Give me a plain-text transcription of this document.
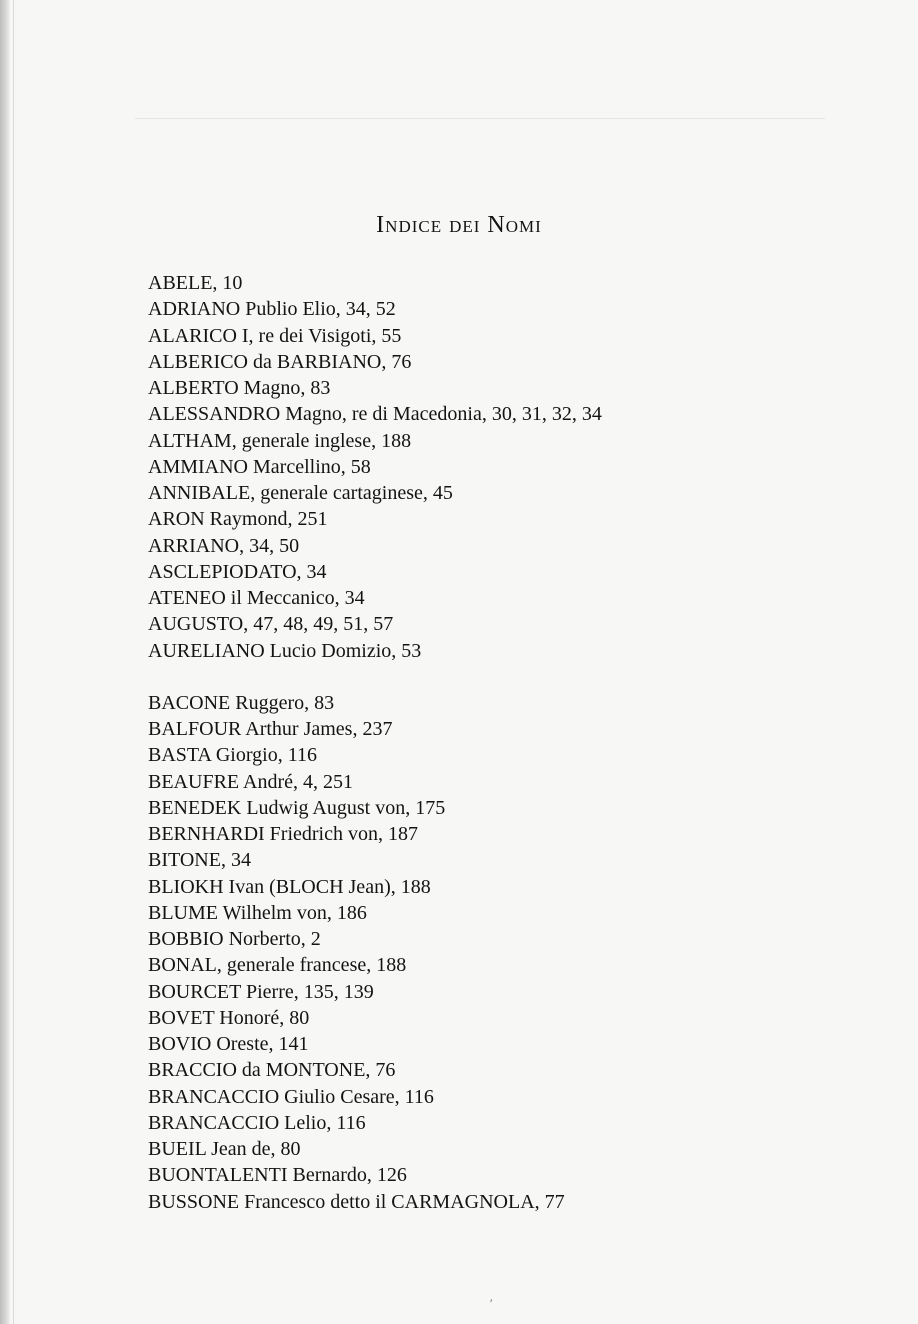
Indice dei Nomi
ABELE, 10
ADRIANO Publio Elio, 34, 52
ALARICO I, re dei Visigoti, 55
ALBERICO da BARBIANO, 76
ALBERTO Magno, 83
ALESSANDRO Magno, re di Macedonia, 30, 31, 32, 34
ALTHAM, generale inglese, 188
AMMIANO Marcellino, 58
ANNIBALE, generale cartaginese, 45
ARON Raymond, 251
ARRIANO, 34, 50
ASCLEPIODATO, 34
ATENEO il Meccanico, 34
AUGUSTO, 47, 48, 49, 51, 57
AURELIANO Lucio Domizio, 53
BACONE Ruggero, 83
BALFOUR Arthur James, 237
BASTA Giorgio, 116
BEAUFRE André, 4, 251
BENEDEK Ludwig August von, 175
BERNHARDI Friedrich von, 187
BITONE, 34
BLIOKH Ivan (BLOCH Jean), 188
BLUME Wilhelm von, 186
BOBBIO Norberto, 2
BONAL, generale francese, 188
BOURCET Pierre, 135, 139
BOVET Honoré, 80
BOVIO Oreste, 141
BRACCIO da MONTONE, 76
BRANCACCIO Giulio Cesare, 116
BRANCACCIO Lelio, 116
BUEIL Jean de, 80
BUONTALENTI Bernardo, 126
BUSSONE Francesco detto il CARMAGNOLA, 77
′
